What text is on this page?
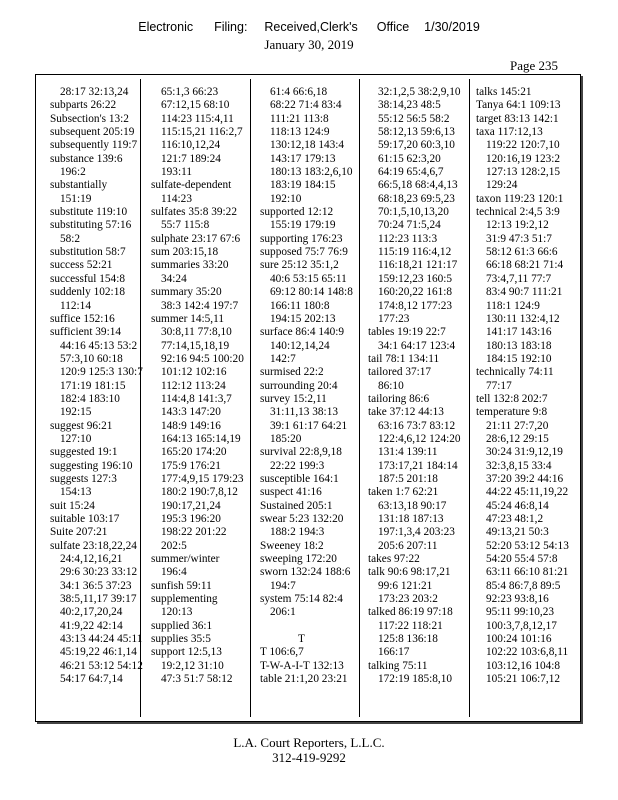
Electronic Filing: Received,Clerk's Office 1/30/2019
January 30, 2019
Page 235
28:17 32:13,24
subparts 26:22
Subsection's 13:2
subsequent 205:19
subsequently 119:7
substance 139:6
196:2
substantially
151:19
substitute 119:10
substituting 57:16
58:2
substitution 58:7
success 52:21
successful 154:8
suddenly 102:18
112:14
suffice 152:16
sufficient 39:14
44:16 45:13 53:2
57:3,10 60:18
120:9 125:3 130:7
171:19 181:15
182:4 183:10
192:15
suggest 96:21
127:10
suggested 19:1
suggesting 196:10
suggests 127:3
154:13
suit 15:24
suitable 103:17
Suite 207:21
sulfate 23:18,22,24
24:4,12,16,21
29:6 30:23 33:12
34:1 36:5 37:23
38:5,11,17 39:17
40:2,17,20,24
41:9,22 42:14
43:13 44:24 45:11
45:19,22 46:1,14
46:21 53:12 54:12
54:17 64:7,14
65:1,3 66:23
67:12,15 68:10
114:23 115:4,11
115:15,21 116:2,7
116:10,12,24
121:7 189:24
193:11
sulfate-dependent
114:23
sulfates 35:8 39:22
55:7 115:8
sulphate 23:17 67:6
sum 203:15,18
summaries 33:20
34:24
summary 35:20
38:3 142:4 197:7
summer 14:5,11
30:8,11 77:8,10
77:14,15,18,19
92:16 94:5 100:20
101:12 102:16
112:12 113:24
114:4,8 141:3,7
143:3 147:20
148:9 149:16
164:13 165:14,19
165:20 174:20
175:9 176:21
177:4,9,15 179:23
180:2 190:7,8,12
190:17,21,24
195:3 196:20
198:22 201:22
202:5
summer/winter
196:4
sunfish 59:11
supplementing
120:13
supplied 36:1
supplies 35:5
support 12:5,13
19:2,12 31:10
47:3 51:7 58:12
61:4 66:6,18
68:22 71:4 83:4
111:21 113:8
118:13 124:9
130:12,18 143:4
143:17 179:13
180:13 183:2,6,10
183:19 184:15
192:10
supported 12:12
155:19 179:19
supporting 176:23
supposed 75:7 76:9
sure 25:12 35:1,2
40:6 53:15 65:11
69:12 80:14 148:8
166:11 180:8
194:15 202:13
surface 86:4 140:9
140:12,14,24
142:7
surmised 22:2
surrounding 20:4
survey 15:2,11
31:11,13 38:13
39:1 61:17 64:21
185:20
survival 22:8,9,18
22:22 199:3
susceptible 164:1
suspect 41:16
Sustained 205:1
swear 5:23 132:20
188:2 194:3
Sweeney 18:2
sweeping 172:20
sworn 132:24 188:6
194:7
system 75:14 82:4
206:1
T
T 106:6,7
T-W-A-I-T 132:13
table 21:1,20 23:21
32:1,2,5 38:2,9,10
38:14,23 48:5
55:12 56:5 58:2
58:12,13 59:6,13
59:17,20 60:3,10
61:15 62:3,20
64:19 65:4,6,7
66:5,18 68:4,4,13
68:18,23 69:5,23
70:1,5,10,13,20
70:24 71:5,24
112:23 113:3
115:19 116:4,12
116:18,21 121:17
159:12,23 160:5
160:20,22 161:8
174:8,12 177:23
177:23
tables 19:19 22:7
34:1 64:17 123:4
tail 78:1 134:11
tailored 37:17
86:10
tailoring 86:6
take 37:12 44:13
63:16 73:7 83:12
122:4,6,12 124:20
131:4 139:11
173:17,21 184:14
187:5 201:18
taken 1:7 62:21
63:13,18 90:17
131:18 187:13
197:1,3,4 203:23
205:6 207:11
takes 97:22
talk 90:6 98:17,21
99:6 121:21
173:23 203:2
talked 86:19 97:18
117:22 118:21
125:8 136:18
166:17
talking 75:11
172:19 185:8,10
talks 145:21
Tanya 64:1 109:13
target 83:13 142:1
taxa 117:12,13
119:22 120:7,10
120:16,19 123:2
127:13 128:2,15
129:24
taxon 119:23 120:1
technical 2:4,5 3:9
12:13 19:2,12
31:9 47:3 51:7
58:12 61:3 66:6
66:18 68:21 71:4
73:4,7,11 77:7
83:4 90:7 111:21
118:1 124:9
130:11 132:4,12
141:17 143:16
180:13 183:18
184:15 192:10
technically 74:11
77:17
tell 132:8 202:7
temperature 9:8
21:11 27:7,20
28:6,12 29:15
30:24 31:9,12,19
32:3,8,15 33:4
37:20 39:2 44:16
44:22 45:11,19,22
45:24 46:8,14
47:23 48:1,2
49:13,21 50:3
52:20 53:12 54:13
54:20 55:4 57:8
63:11 66:10 81:21
85:4 86:7,8 89:5
92:23 93:8,16
95:11 99:10,23
100:3,7,8,12,17
100:24 101:16
102:22 103:6,8,11
103:12,16 104:8
105:21 106:7,12
L.A. Court Reporters, L.L.C.
312-419-9292
